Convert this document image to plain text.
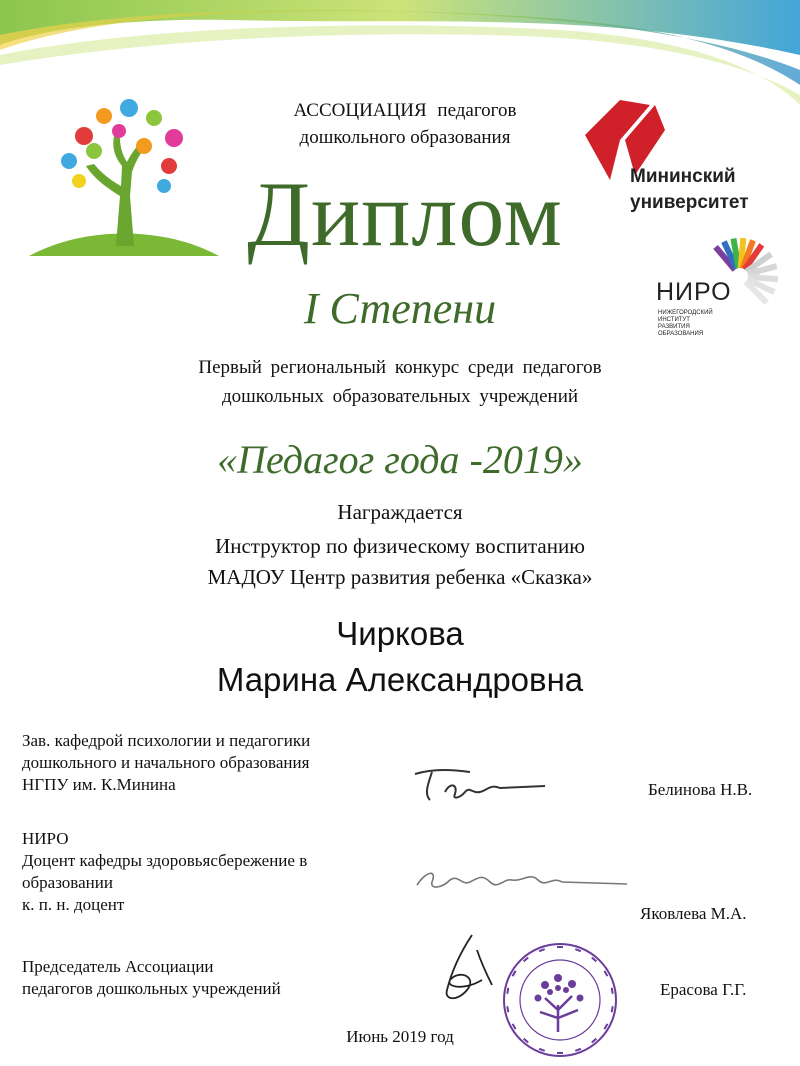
Мининский
университет
НИРО
НИЖЕГОРОДСКИЙ
ИНСТИТУТ
РАЗВИТИЯ
ОБРАЗОВАНИЯ
АССОЦИАЦИЯ педагогов
дошкольного образования
Диплом
I Степени
Первый региональный конкурс среди педагогов
дошкольных образовательных учреждений
«Педагог года -2019»
Награждается
Инструктор по физическому воспитанию
МАДОУ Центр развития ребенка «Сказка»
Чиркова
Марина Александровна
Зав. кафедрой психологии и педагогики
дошкольного и начального образования
НГПУ им. К.Минина	Белинова Н.В.
НИРО
Доцент кафедры здоровьясбережение в
образовании
к. п. н. доцент	Яковлева М.А.
Председатель Ассоциации
педагогов дошкольных учреждений	Ерасова Г.Г.
Июнь 2019 год
